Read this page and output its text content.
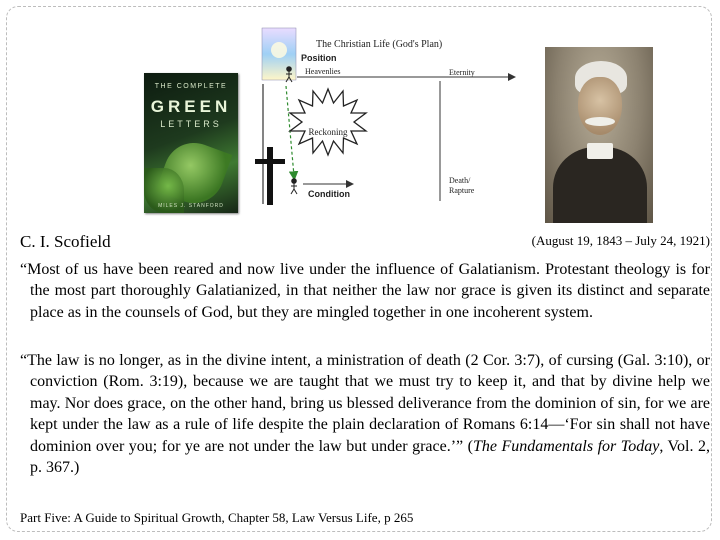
THE COMPLETE
GREEN
LETTERS
MILES J. STANFORD
The Christian Life (God's Plan)
Position
Heavenlies	Eternity
Reckoning
Condition
Death/
Rapture
C. I. Scofield	(August 19, 1843 – July 24, 1921)

“Most of us have been reared and now live under the influence of Galatianism. Protestant theology is for the most part thoroughly Galatianized, in that neither the law nor grace is given its distinct and separate place as in the counsels of God, but they are mingled together in one incoherent system.

“The law is no longer, as in the divine intent, a ministration of death (2 Cor. 3:7), of cursing (Gal. 3:10), or conviction (Rom. 3:19), because we are taught that we must try to keep it, and that by divine help we may. Nor does grace, on the other hand, bring us blessed deliverance from the dominion of sin, for we are kept under the law as a rule of life despite the plain declaration of Romans 6:14—‘For sin shall not have dominion over you; for ye are not under the law but under grace.’” (The Fundamentals for Today, Vol. 2, p. 367.)

Part Five: A Guide to Spiritual Growth, Chapter 58, Law Versus Life, p 265
